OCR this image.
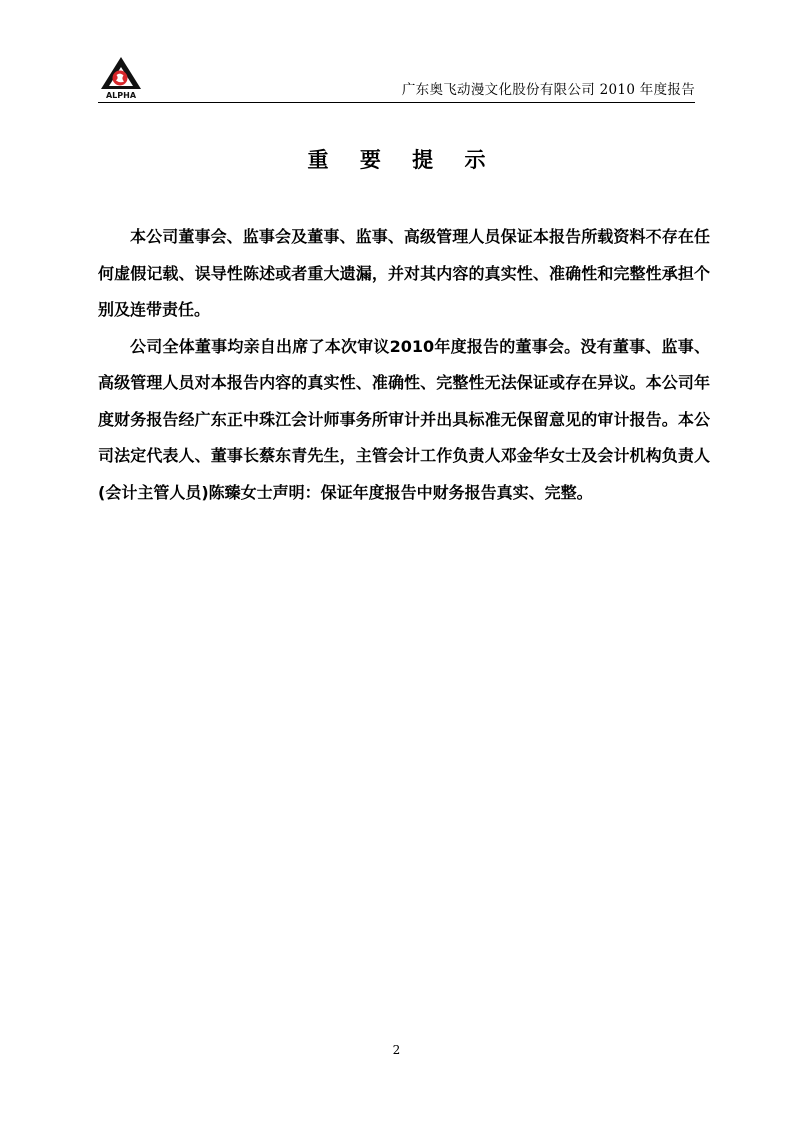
ALPHA	广东奥飞动漫文化股份有限公司 2010 年度报告
重 要 提 示

本公司董事会、监事会及董事、监事、高级管理人员保证本报告所载资料不存在任何虚假记载、误导性陈述或者重大遗漏，并对其内容的真实性、准确性和完整性承担个别及连带责任。

公司全体董事均亲自出席了本次审议2010年度报告的董事会。没有董事、监事、高级管理人员对本报告内容的真实性、准确性、完整性无法保证或存在异议。本公司年度财务报告经广东正中珠江会计师事务所审计并出具标准无保留意见的审计报告。本公司法定代表人、董事长蔡东青先生，主管会计工作负责人邓金华女士及会计机构负责人(会计主管人员)陈臻女士声明：保证年度报告中财务报告真实、完整。

2
